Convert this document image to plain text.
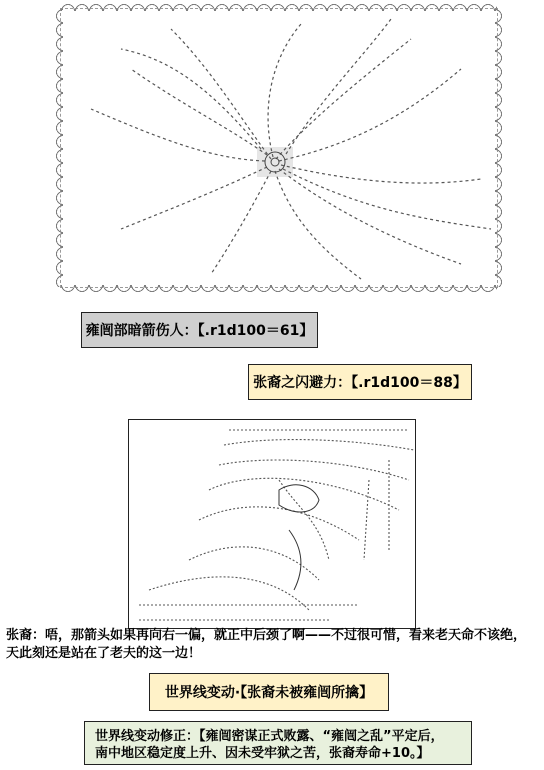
雍闿部暗箭伤人：【.r1d100＝61】
张裔之闪避力：【.r1d100＝88】
张裔：唔，那箭头如果再向右一偏，就正中后颈了啊——不过很可惜，看来老天命不该绝，
天此刻还是站在了老夫的这一边！
世界线变动·【张裔未被雍闿所擒】
世界线变动修正：【雍闿密谋正式败露、“雍闿之乱”平定后，
南中地区稳定度上升、因未受牢狱之苦，张裔寿命+10。】
